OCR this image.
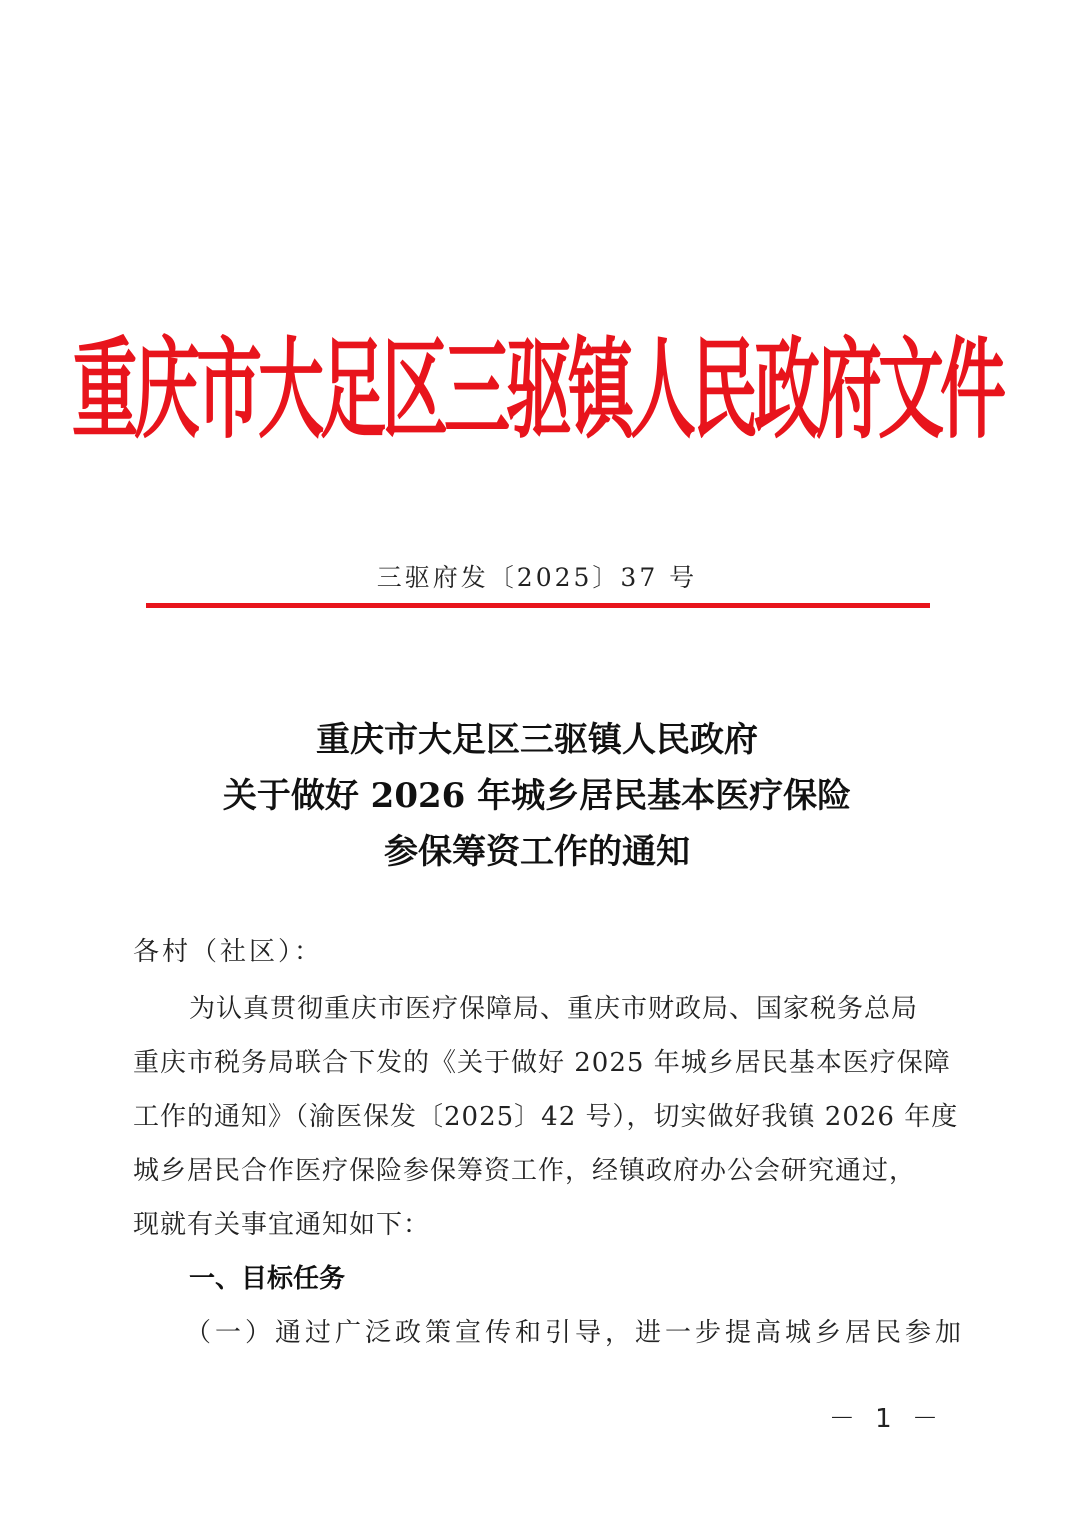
重庆市大足区三驱镇人民政府文件
三驱府发〔2025〕37 号
重庆市大足区三驱镇人民政府
关于做好 2026 年城乡居民基本医疗保险
参保筹资工作的通知
各村（社区）：
为认真贯彻重庆市医疗保障局、重庆市财政局、国家税务总局
重庆市税务局联合下发的《关于做好 2025 年城乡居民基本医疗保障
工作的通知》（渝医保发〔2025〕42 号），切实做好我镇 2026 年度
城乡居民合作医疗保险参保筹资工作，经镇政府办公会研究通过，
现就有关事宜通知如下：
一、目标任务
（一）通过广泛政策宣传和引导，进一步提高城乡居民参加
－ 1 －
